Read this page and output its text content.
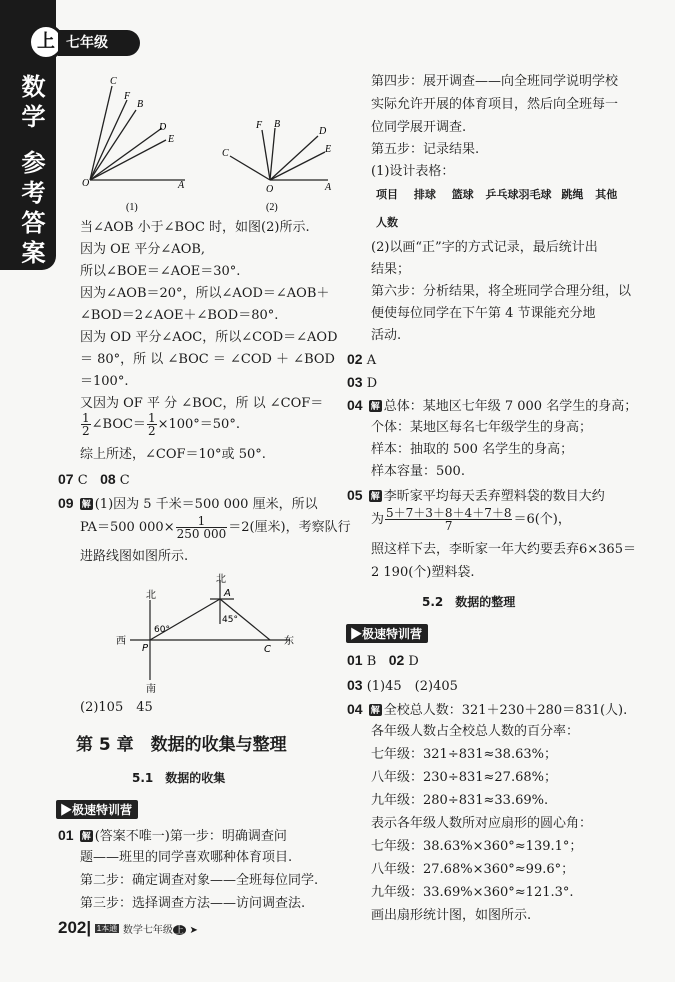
上
数学
参考答案
七年级
C
F
B
D
E
O	A
(1)
C
F B
D
E
O	A
(2)
当∠AOB 小于∠BOC 时，如图(2)所示.
因为 OE 平分∠AOB,
所以∠BOE＝∠AOE＝30°.
因为∠AOB＝20°，所以∠AOD＝∠AOB＋
∠BOD＝2∠AOE＋∠BOD＝80°.
因为 OD 平分∠AOC，所以∠COD＝∠AOD
＝ 80°，所 以 ∠BOC ＝ ∠COD ＋ ∠BOD
＝100°.
又因为 OF 平 分 ∠BOC，所 以 ∠COF＝
$\frac{1}{2}$ ∠BOC＝ $\frac{1}{2} \times 100^\circ=50^\circ$.
综上所述，∠COF＝10°或 50°.
07 C 08 C
09 解 (1)因为 5 千米＝500 000 厘米，所以
PA＝500 $000\times \frac{1}{250 000} =2$(厘米)，考察队行
进路线图如图所示.
北
北
西	东
南
A
P	C
60°
45°
(2)105　45
第 5 章　数据的收集与整理
5.1　数据的收集
▶极速特训营
01 解 (答案不唯一)第一步：明确调查问
题——班里的同学喜欢哪种体育项目.
第二步：确定调查对象——全班每位同学.
第三步：选择调查方法——访问调查法.
202| 1本通 数学七年级 上 ➤
第四步：展开调查——向全班同学说明学校
实际允许开展的体育项目，然后向全班每一
位同学展开调查.
第五步：记录结果.
(1)设计表格：
项目 排球 篮球 乒乓球羽毛球 跳绳 其他
人数
(2)以画“正”字的方式记录，最后统计出
结果；
第六步：分析结果，将全班同学合理分组，以
便使每位同学在下午第 4 节课能充分地
活动.
02 A
03 D
04 解 总体：某地区七年级 7 000 名学生的身高；
个体：某地区每名七年级学生的身高；
样本：抽取的 500 名学生的身高；
样本容量：500.
05 解 李昕家平均每天丢弃塑料袋的数目大约
为 $\frac{5+7+3+8+4+7+8}{7} =6$(个)，
照这样下去，李昕家一年大约要丢弃6×365＝
2 190(个)塑料袋.
5.2　数据的整理
▶极速特训营
01 B 02 D
03 (1)45　(2)405
04 解 全校总人数：321＋230＋280＝831(人).
各年级人数占全校总人数的百分率：
七年级：321÷831≈38.63%；
八年级：230÷831≈27.68%；
九年级：280÷831≈33.69%.
表示各年级人数所对应扇形的圆心角：
七年级：38.63%×360°≈139.1°；
八年级：27.68%×360°≈99.6°；
九年级：33.69%×360°≈121.3°.
画出扇形统计图，如图所示.
